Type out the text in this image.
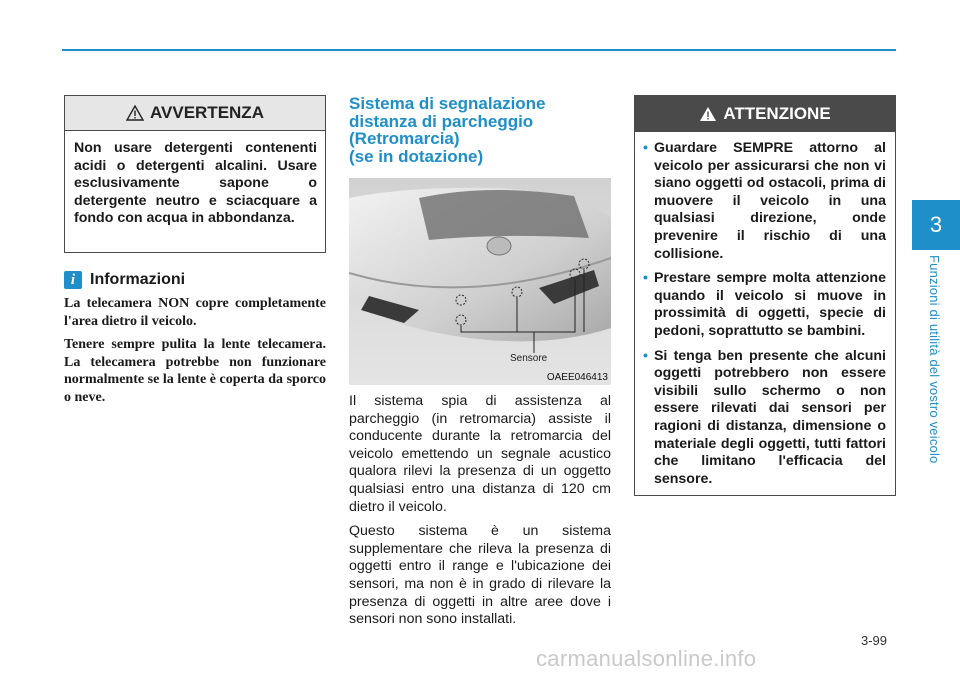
3
Funzioni di utilità del vostro veicolo
AVVERTENZA
Non usare detergenti contenenti acidi o detergenti alcalini. Usare esclusivamente sapone o detergente neutro e sciacquare a fondo con acqua in abbondanza.
i Informazioni

La telecamera NON copre completamente l'area dietro il veicolo.

Tenere sempre pulita la lente telecamera. La telecamera potrebbe non funzionare normalmente se la lente è coperta da sporco o neve.

Sistema di segnalazione
distanza di parcheggio
(Retromarcia)
(se in dotazione)
Sensore
OAEE046413

Il sistema spia di assistenza al parcheggio (in retromarcia) assiste il conducente durante la retromarcia del veicolo emettendo un segnale acustico qualora rilevi la presenza di un oggetto qualsiasi entro una distanza di 120 cm dietro il veicolo.

Questo sistema è un sistema supplementare che rileva la presenza di oggetti entro il range e l'ubicazione dei sensori, ma non è in grado di rilevare la presenza di oggetti in altre aree dove i sensori non sono installati.

ATTENZIONE
• Guardare SEMPRE attorno al veicolo per assicurarsi che non vi siano oggetti od ostacoli, prima di muovere il veicolo in una qualsiasi direzione, onde prevenire il rischio di una collisione.
• Prestare sempre molta attenzione quando il veicolo si muove in prossimità di oggetti, specie di pedoni, soprattutto se bambini.
• Si tenga ben presente che alcuni oggetti potrebbero non essere visibili sullo schermo o non essere rilevati dai sensori per ragioni di distanza, dimensione o materiale degli oggetti, tutti fattori che limitano l'efficacia del sensore.
3-99
carmanualsonline.info
